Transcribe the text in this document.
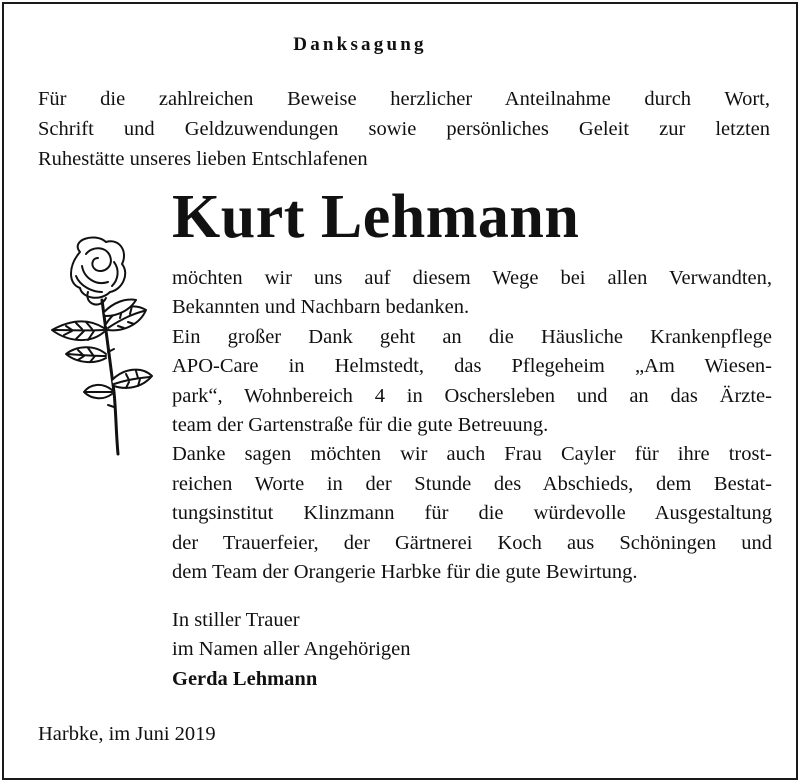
Danksagung
Für die zahlreichen Beweise herzlicher Anteilnahme durch Wort,
Schrift und Geldzuwendungen sowie persönliches Geleit zur letzten
Ruhestätte unseres lieben Entschlafenen
Kurt Lehmann
möchten wir uns auf diesem Wege bei allen Verwandten,
Bekannten und Nachbarn bedanken.
Ein großer Dank geht an die Häusliche Krankenpflege
APO-Care in Helmstedt, das Pflegeheim „Am Wiesen-
park“, Wohnbereich 4 in Oschersleben und an das Ärzte-
team der Gartenstraße für die gute Betreuung.
Danke sagen möchten wir auch Frau Cayler für ihre trost-
reichen Worte in der Stunde des Abschieds, dem Bestat-
tungsinstitut Klinzmann für die würdevolle Ausgestaltung
der Trauerfeier, der Gärtnerei Koch aus Schöningen und
dem Team der Orangerie Harbke für die gute Bewirtung.
In stiller Trauer
im Namen aller Angehörigen
Gerda Lehmann
Harbke, im Juni 2019
